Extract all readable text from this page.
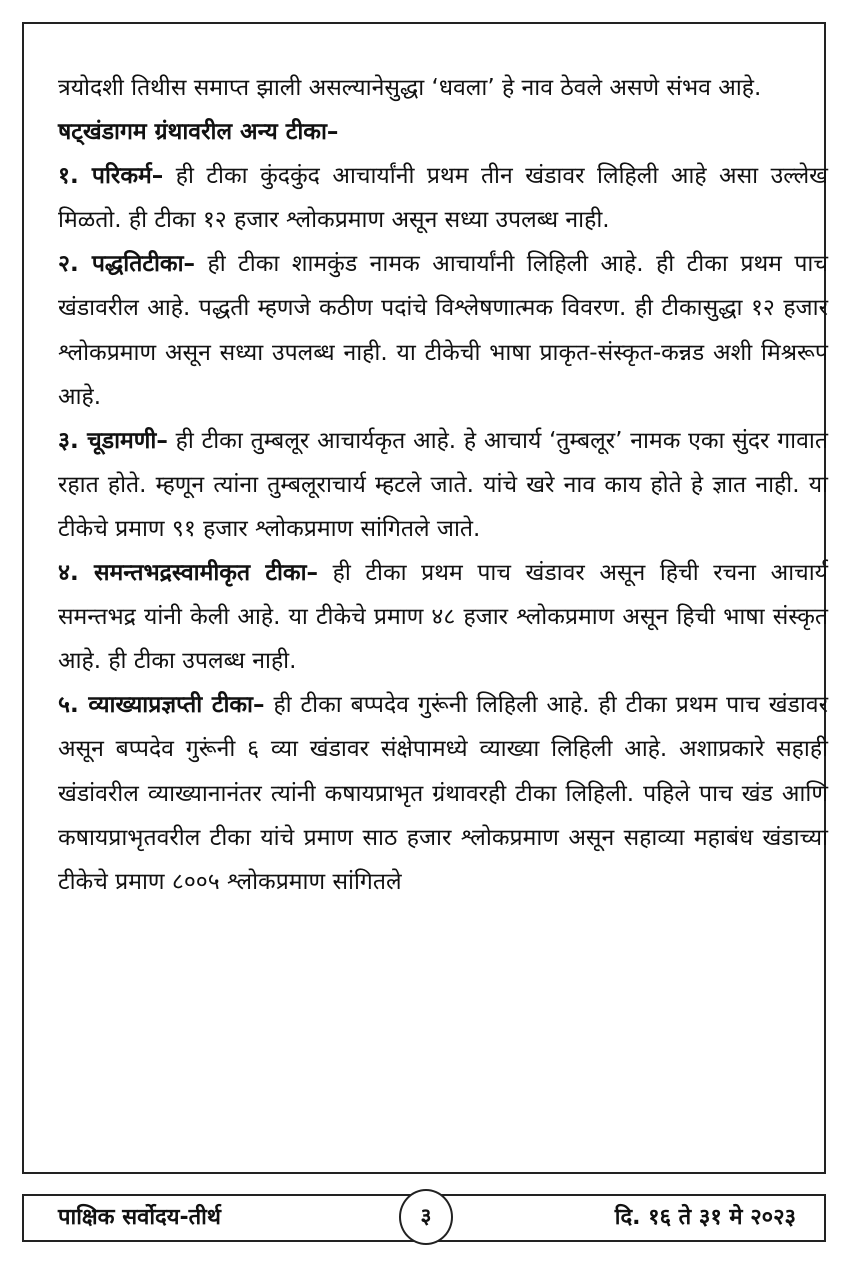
त्रयोदशी तिथीस समाप्त झाली असल्यानेसुद्धा ‘धवला’ हे नाव ठेवले असणे संभव आहे.

षट्खंडागम ग्रंथावरील अन्य टीका–

१. परिकर्म– ही टीका कुंदकुंद आचार्यांनी प्रथम तीन खंडावर लिहिली आहे असा उल्लेख मिळतो. ही टीका १२ हजार श्लोकप्रमाण असून सध्या उपलब्ध नाही.

२. पद्धतिटीका– ही टीका शामकुंड नामक आचार्यांनी लिहिली आहे. ही टीका प्रथम पाच खंडावरील आहे. पद्धती म्हणजे कठीण पदांचे विश्लेषणात्मक विवरण. ही टीकासुद्धा १२ हजार श्लोकप्रमाण असून सध्या उपलब्ध नाही. या टीकेची भाषा प्राकृत-संस्कृत-कन्नड अशी मिश्ररूप आहे.

३. चूडामणी– ही टीका तुम्बलूर आचार्यकृत आहे. हे आचार्य ‘तुम्बलूर’ नामक एका सुंदर गावात रहात होते. म्हणून त्यांना तुम्बलूराचार्य म्हटले जाते. यांचे खरे नाव काय होते हे ज्ञात नाही. या टीकेचे प्रमाण ९१ हजार श्लोकप्रमाण सांगितले जाते.

४. समन्तभद्रस्वामीकृत टीका– ही टीका प्रथम पाच खंडावर असून हिची रचना आचार्य समन्तभद्र यांनी केली आहे. या टीकेचे प्रमाण ४८ हजार श्लोकप्रमाण असून हिची भाषा संस्कृत आहे. ही टीका उपलब्ध नाही.

५. व्याख्याप्रज्ञप्ती टीका– ही टीका बप्पदेव गुरूंनी लिहिली आहे. ही टीका प्रथम पाच खंडावर असून बप्पदेव गुरूंनी ६ व्या खंडावर संक्षेपामध्ये व्याख्या लिहिली आहे. अशाप्रकारे सहाही खंडांवरील व्याख्यानानंतर त्यांनी कषायप्राभृत ग्रंथावरही टीका लिहिली. पहिले पाच खंड आणि कषायप्राभृतवरील टीका यांचे प्रमाण साठ हजार श्लोकप्रमाण असून सहाव्या महाबंध खंडाच्या टीकेचे प्रमाण ८००५ श्लोकप्रमाण सांगितले

पाक्षिक सर्वोदय-तीर्थ	३	दि. १६ ते ३१ मे २०२३
